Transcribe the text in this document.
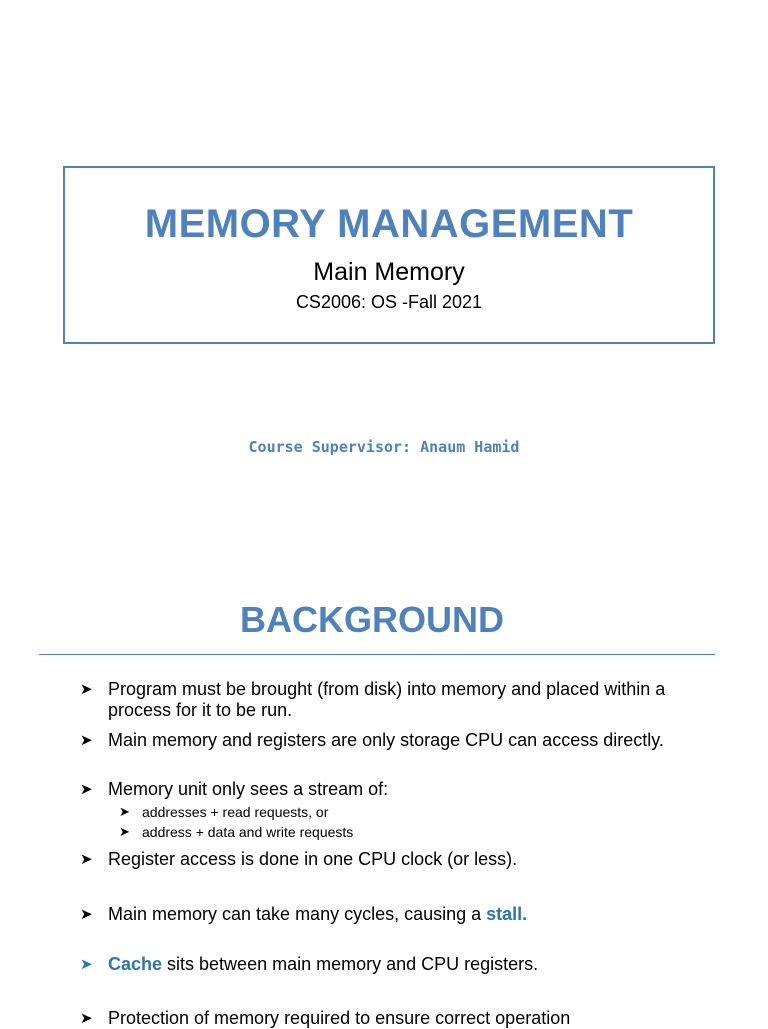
MEMORY MANAGEMENT
Main Memory
CS2006: OS -Fall 2021
Course Supervisor: Anaum Hamid
BACKGROUND
➤ Program must be brought (from disk) into memory and placed within a process for it to be run.
➤ Main memory and registers are only storage CPU can access directly.
➤ Memory unit only sees a stream of:
➤ addresses + read requests, or
➤ address + data and write requests
➤ Register access is done in one CPU clock (or less).
➤ Main memory can take many cycles, causing a stall.
➤ Cache sits between main memory and CPU registers.
➤ Protection of memory required to ensure correct operation
